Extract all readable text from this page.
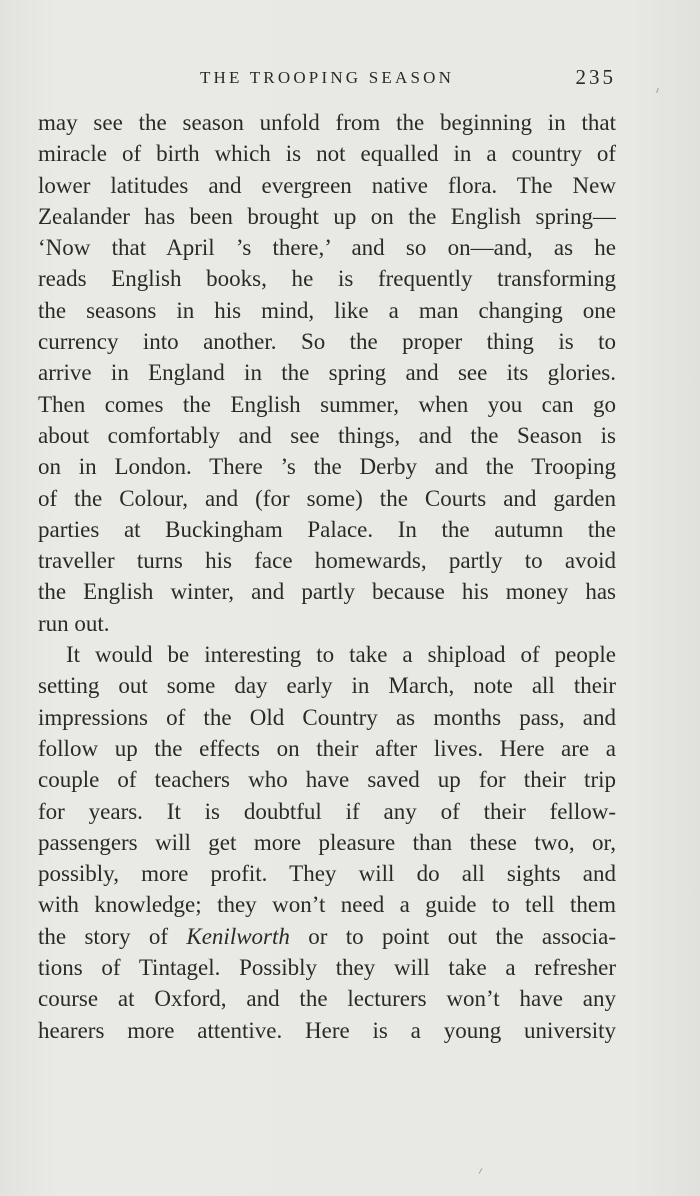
THE TROOPING SEASON	235
may see the season unfold from the beginning in that
miracle of birth which is not equalled in a country of
lower latitudes and evergreen native flora. The New
Zealander has been brought up on the English spring—
‘Now that April ’s there,’ and so on—and, as he
reads English books, he is frequently transforming
the seasons in his mind, like a man changing one
currency into another. So the proper thing is to
arrive in England in the spring and see its glories.
Then comes the English summer, when you can go
about comfortably and see things, and the Season is
on in London. There ’s the Derby and the Trooping
of the Colour, and (for some) the Courts and garden
parties at Buckingham Palace. In the autumn the
traveller turns his face homewards, partly to avoid
the English winter, and partly because his money has
run out.
It would be interesting to take a shipload of people
setting out some day early in March, note all their
impressions of the Old Country as months pass, and
follow up the effects on their after lives. Here are a
couple of teachers who have saved up for their trip
for years. It is doubtful if any of their fellow-
passengers will get more pleasure than these two, or,
possibly, more profit. They will do all sights and
with knowledge; they won’t need a guide to tell them
the story of Kenilworth or to point out the associa-
tions of Tintagel. Possibly they will take a refresher
course at Oxford, and the lecturers won’t have any
hearers more attentive. Here is a young university
